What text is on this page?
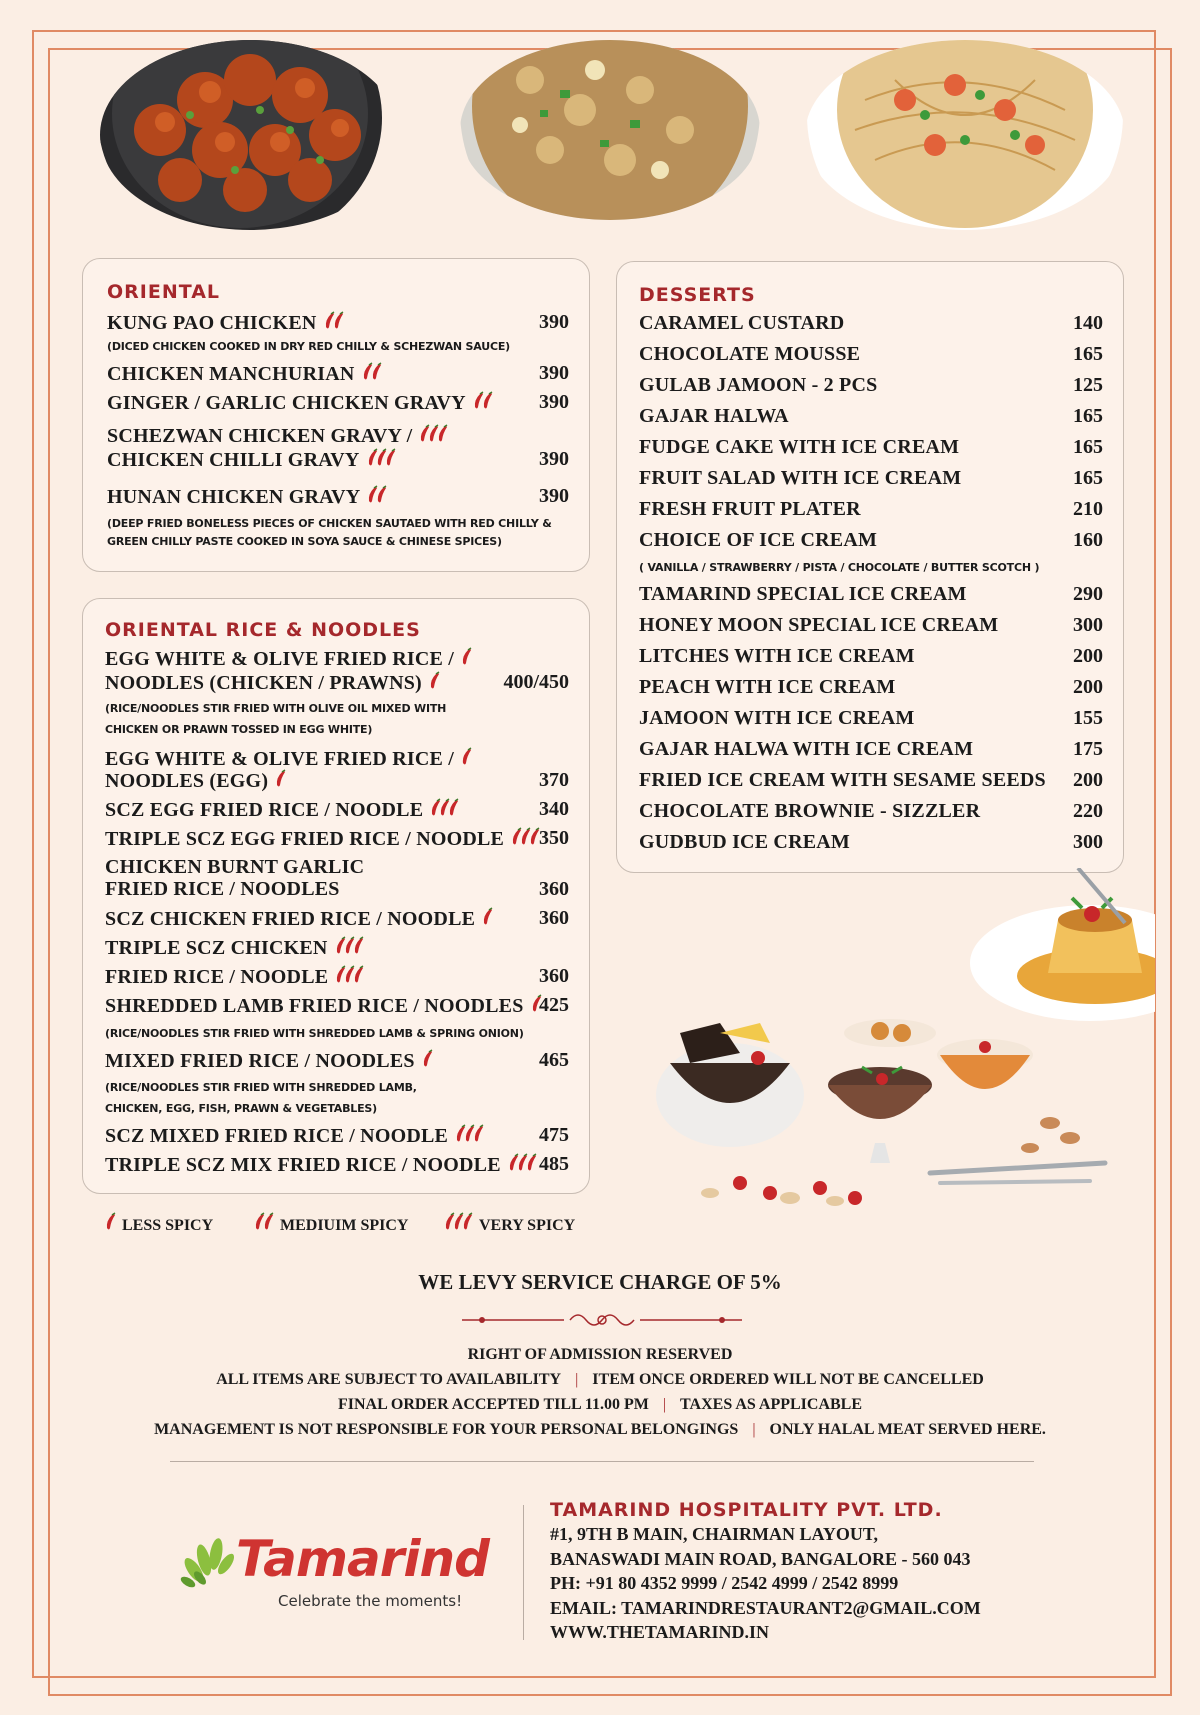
ORIENTAL
KUNG PAO CHICKEN	390
(DICED CHICKEN COOKED IN DRY RED CHILLY & SCHEZWAN SAUCE)
CHICKEN MANCHURIAN	390
GINGER / GARLIC CHICKEN GRAVY	390
SCHEZWAN CHICKEN GRAVY /
CHICKEN CHILLI GRAVY	390
HUNAN CHICKEN GRAVY	390
(DEEP FRIED BONELESS PIECES OF CHICKEN SAUTAED WITH RED CHILLY &
GREEN CHILLY PASTE COOKED IN SOYA SAUCE & CHINESE SPICES)
ORIENTAL RICE & NOODLES
EGG WHITE & OLIVE FRIED RICE /
NOODLES (CHICKEN / PRAWNS)	400/450
(RICE/NOODLES STIR FRIED WITH OLIVE OIL MIXED WITH
CHICKEN OR PRAWN TOSSED IN EGG WHITE)
EGG WHITE & OLIVE FRIED RICE /
NOODLES (EGG)	370
SCZ EGG FRIED RICE / NOODLE	340
TRIPLE SCZ EGG FRIED RICE / NOODLE	350
CHICKEN BURNT GARLIC
FRIED RICE / NOODLES	360
SCZ CHICKEN FRIED RICE / NOODLE	360
TRIPLE SCZ CHICKEN
FRIED RICE / NOODLE	360
SHREDDED LAMB FRIED RICE / NOODLES 425
(RICE/NOODLES STIR FRIED WITH SHREDDED LAMB & SPRING ONION)
MIXED FRIED RICE / NOODLES	465
(RICE/NOODLES STIR FRIED WITH SHREDDED LAMB,
CHICKEN, EGG, FISH, PRAWN & VEGETABLES)
SCZ MIXED FRIED RICE / NOODLE	475
TRIPLE SCZ MIX FRIED RICE / NOODLE	485
DESSERTS
CARAMEL CUSTARD	140
CHOCOLATE MOUSSE	165
GULAB JAMOON - 2 PCS	125
GAJAR HALWA	165
FUDGE CAKE WITH ICE CREAM	165
FRUIT SALAD WITH ICE CREAM	165
FRESH FRUIT PLATER	210
CHOICE OF ICE CREAM	160
( VANILLA / STRAWBERRY / PISTA / CHOCOLATE / BUTTER SCOTCH )
TAMARIND SPECIAL ICE CREAM	290
HONEY MOON SPECIAL ICE CREAM	300
LITCHES WITH ICE CREAM	200
PEACH WITH ICE CREAM	200
JAMOON WITH ICE CREAM	155
GAJAR HALWA WITH ICE CREAM	175
FRIED ICE CREAM WITH SESAME SEEDS 200
CHOCOLATE BROWNIE - SIZZLER	220
GUDBUD ICE CREAM	300
LESS SPICY	MEDIUIM SPICY	VERY SPICY
WE LEVY SERVICE CHARGE OF 5%
RIGHT OF ADMISSION RESERVED
ALL ITEMS ARE SUBJECT TO AVAILABILITY | ITEM ONCE ORDERED WILL NOT BE CANCELLED
FINAL ORDER ACCEPTED TILL 11.00 PM | TAXES AS APPLICABLE
MANAGEMENT IS NOT RESPONSIBLE FOR YOUR PERSONAL BELONGINGS | ONLY HALAL MEAT SERVED HERE.
Tamarind
Celebrate the moments!
TAMARIND HOSPITALITY PVT. LTD.
#1, 9TH B MAIN, CHAIRMAN LAYOUT,
BANASWADI MAIN ROAD, BANGALORE - 560 043
PH: +91 80 4352 9999 / 2542 4999 / 2542 8999
EMAIL: TAMARINDRESTAURANT2@GMAIL.COM
WWW.THETAMARIND.IN
